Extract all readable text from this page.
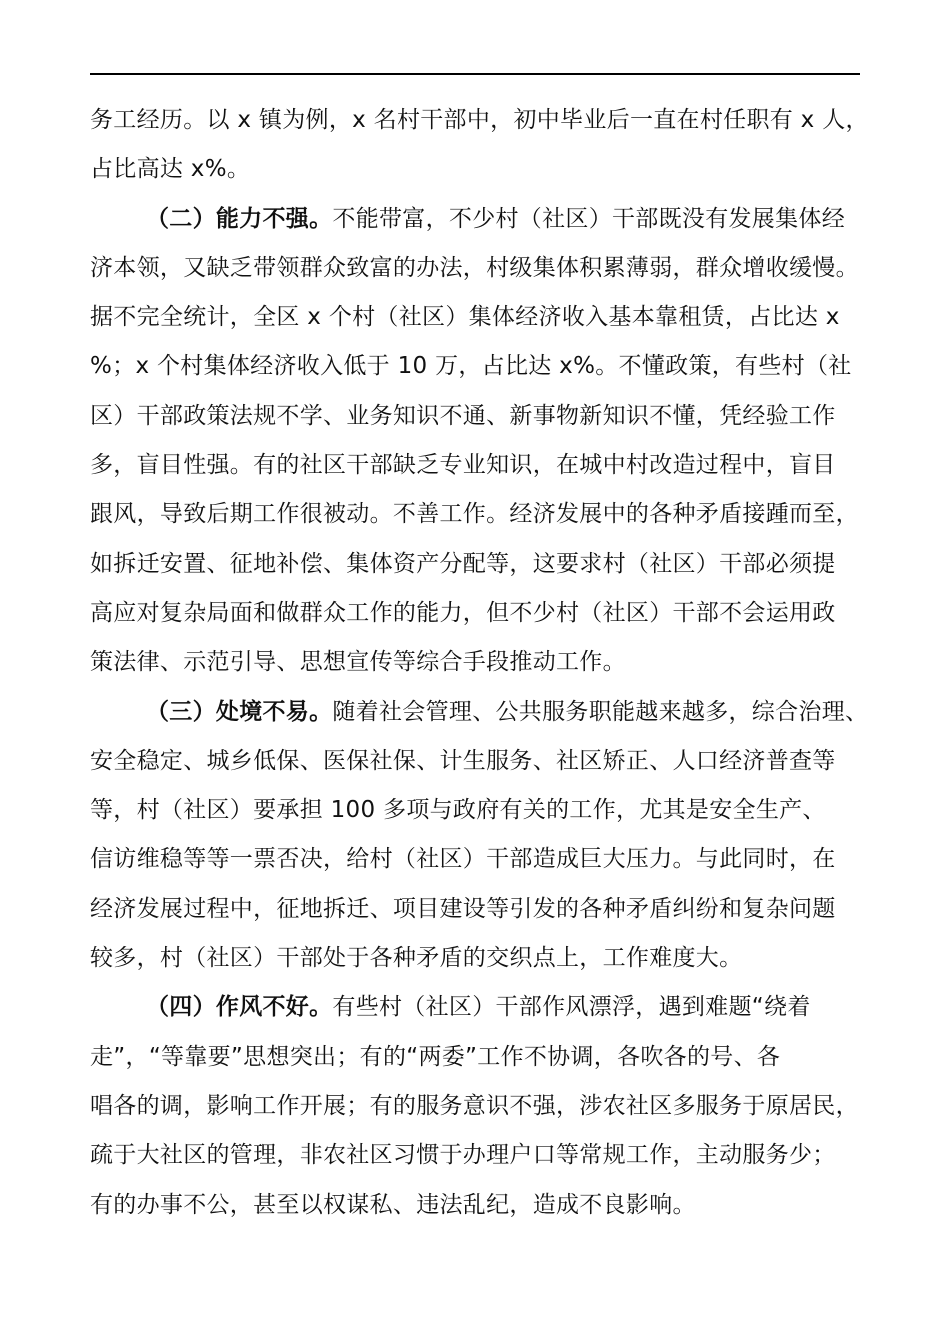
务工经历。以 x 镇为例，x 名村干部中，初中毕业后一直在村任职有 x 人，
占比高达 x%。
（二）能力不强。不能带富，不少村（社区）干部既没有发展集体经
济本领，又缺乏带领群众致富的办法，村级集体积累薄弱，群众增收缓慢。
据不完全统计，全区 x 个村（社区）集体经济收入基本靠租赁，占比达 x
%；x 个村集体经济收入低于 10 万，占比达 x%。不懂政策，有些村（社
区）干部政策法规不学、业务知识不通、新事物新知识不懂，凭经验工作
多，盲目性强。有的社区干部缺乏专业知识，在城中村改造过程中，盲目
跟风，导致后期工作很被动。不善工作。经济发展中的各种矛盾接踵而至，
如拆迁安置、征地补偿、集体资产分配等，这要求村（社区）干部必须提
高应对复杂局面和做群众工作的能力，但不少村（社区）干部不会运用政
策法律、示范引导、思想宣传等综合手段推动工作。
（三）处境不易。随着社会管理、公共服务职能越来越多，综合治理、
安全稳定、城乡低保、医保社保、计生服务、社区矫正、人口经济普查等
等，村（社区）要承担 100 多项与政府有关的工作，尤其是安全生产、
信访维稳等等一票否决，给村（社区）干部造成巨大压力。与此同时，在
经济发展过程中，征地拆迁、项目建设等引发的各种矛盾纠纷和复杂问题
较多，村（社区）干部处于各种矛盾的交织点上，工作难度大。
（四）作风不好。有些村（社区）干部作风漂浮，遇到难题“绕着
走”，“等靠要”思想突出；有的“两委”工作不协调，各吹各的号、各
唱各的调，影响工作开展；有的服务意识不强，涉农社区多服务于原居民，
疏于大社区的管理，非农社区习惯于办理户口等常规工作，主动服务少；
有的办事不公，甚至以权谋私、违法乱纪，造成不良影响。
